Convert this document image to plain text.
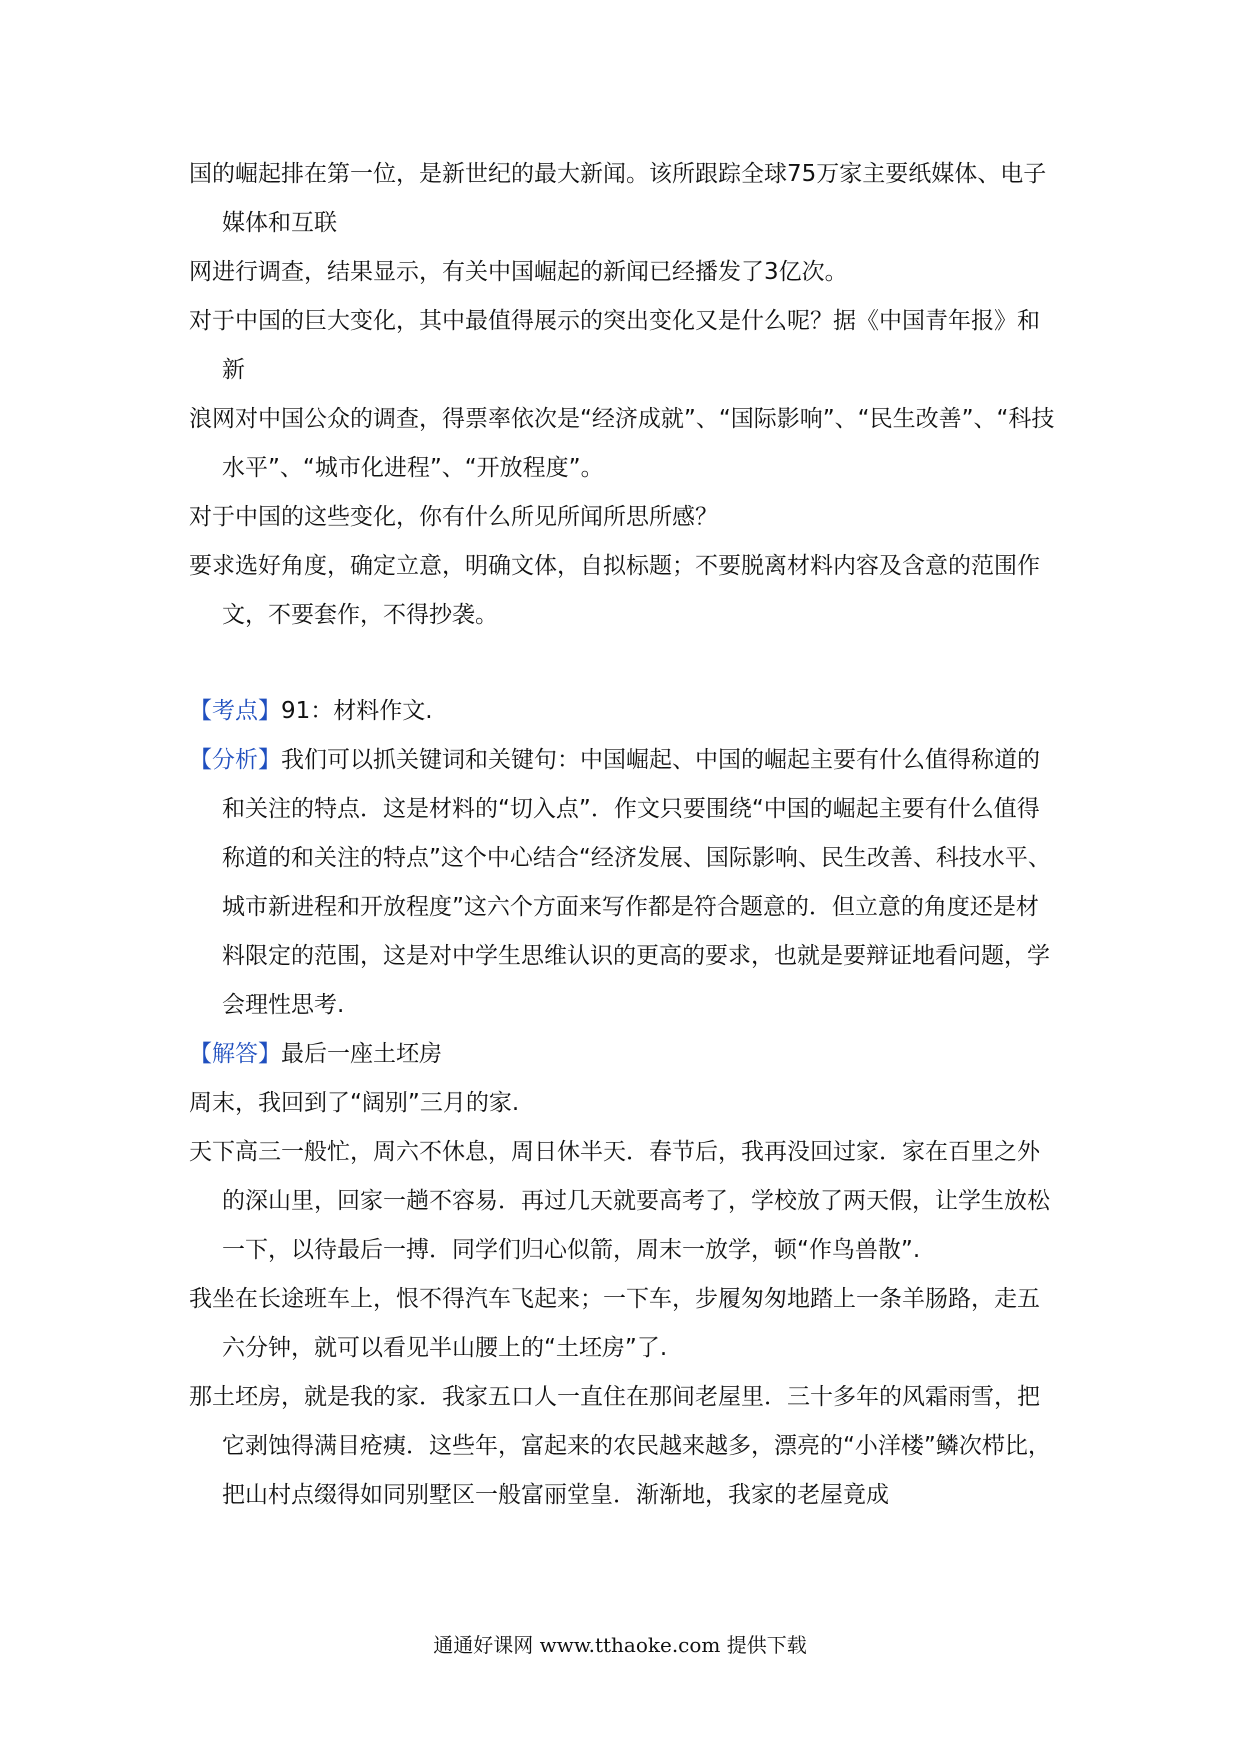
国的崛起排在第一位，是新世纪的最大新闻。该所跟踪全球75万家主要纸媒体、电子媒体和互联

网进行调查，结果显示，有关中国崛起的新闻已经播发了3亿次。

对于中国的巨大变化，其中最值得展示的突出变化又是什么呢？据《中国青年报》和新

浪网对中国公众的调查，得票率依次是“经济成就”、“国际影响”、“民生改善”、“科技水平”、“城市化进程”、“开放程度”。

对于中国的这些变化，你有什么所见所闻所思所感？

要求选好角度，确定立意，明确文体，自拟标题；不要脱离材料内容及含意的范围作文，不要套作，不得抄袭。

【考点】91：材料作文.

【分析】我们可以抓关键词和关键句：中国崛起、中国的崛起主要有什么值得称道的和关注的特点．这是材料的“切入点”．作文只要围绕“中国的崛起主要有什么值得称道的和关注的特点”这个中心结合“经济发展、国际影响、民生改善、科技水平、城市新进程和开放程度”这六个方面来写作都是符合题意的．但立意的角度还是材料限定的范围，这是对中学生思维认识的更高的要求，也就是要辩证地看问题，学会理性思考.

【解答】最后一座土坯房

周末，我回到了“阔别”三月的家.

天下高三一般忙，周六不休息，周日休半天．春节后，我再没回过家．家在百里之外的深山里，回家一趟不容易．再过几天就要高考了，学校放了两天假，让学生放松一下，以待最后一搏．同学们归心似箭，周末一放学，顿“作鸟兽散”.

我坐在长途班车上，恨不得汽车飞起来；一下车，步履匆匆地踏上一条羊肠路，走五六分钟，就可以看见半山腰上的“土坯房”了.

那土坯房，就是我的家．我家五口人一直住在那间老屋里．三十多年的风霜雨雪，把它剥蚀得满目疮痍．这些年，富起来的农民越来越多，漂亮的“小洋楼”鳞次栉比，把山村点缀得如同别墅区一般富丽堂皇．渐渐地，我家的老屋竟成

通通好课网 www.tthaoke.com 提供下载
